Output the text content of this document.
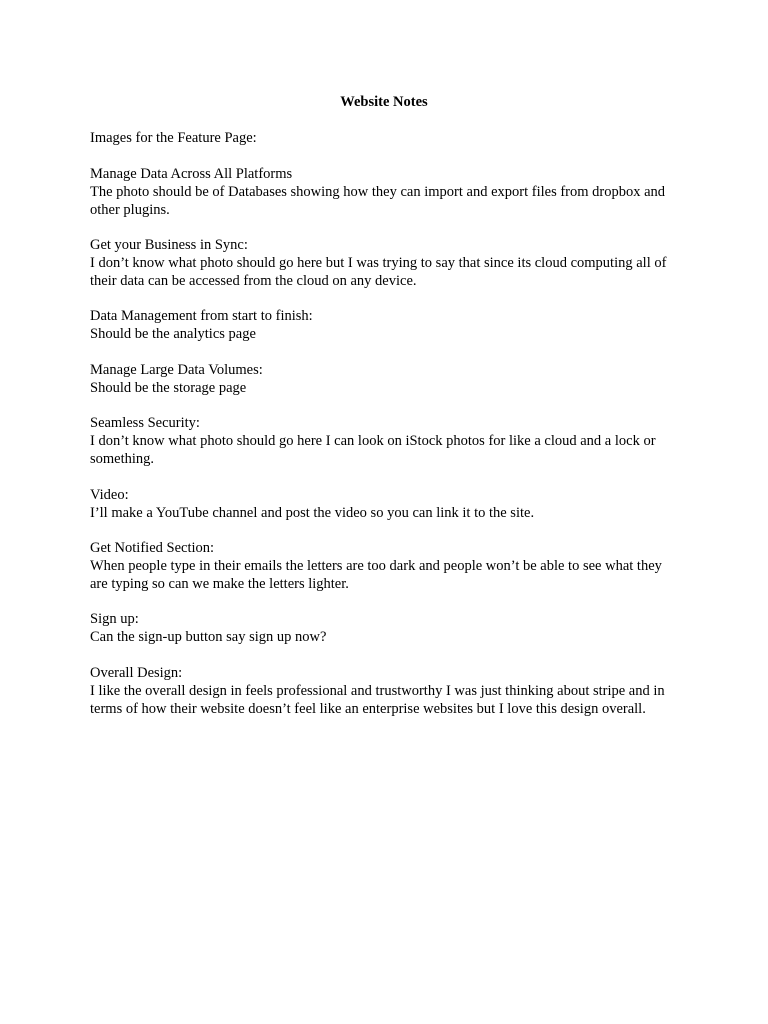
Website Notes

Images for the Feature Page:

Manage Data Across All Platforms

The photo should be of Databases showing how they can import and export files from dropbox and other plugins.

Get your Business in Sync:

I don’t know what photo should go here but I was trying to say that since its cloud computing all of their data can be accessed from the cloud on any device.

Data Management from start to finish:

Should be the analytics page

Manage Large Data Volumes:

Should be the storage page

Seamless Security:

I don’t know what photo should go here I can look on iStock photos for like a cloud and a lock or something.

Video:

I’ll make a YouTube channel and post the video so you can link it to the site.

Get Notified Section:

When people type in their emails the letters are too dark and people won’t be able to see what they are typing so can we make the letters lighter.

Sign up:

Can the sign-up button say sign up now?

Overall Design:

I like the overall design in feels professional and trustworthy I was just thinking about stripe and in terms of how their website doesn’t feel like an enterprise websites but I love this design overall.
